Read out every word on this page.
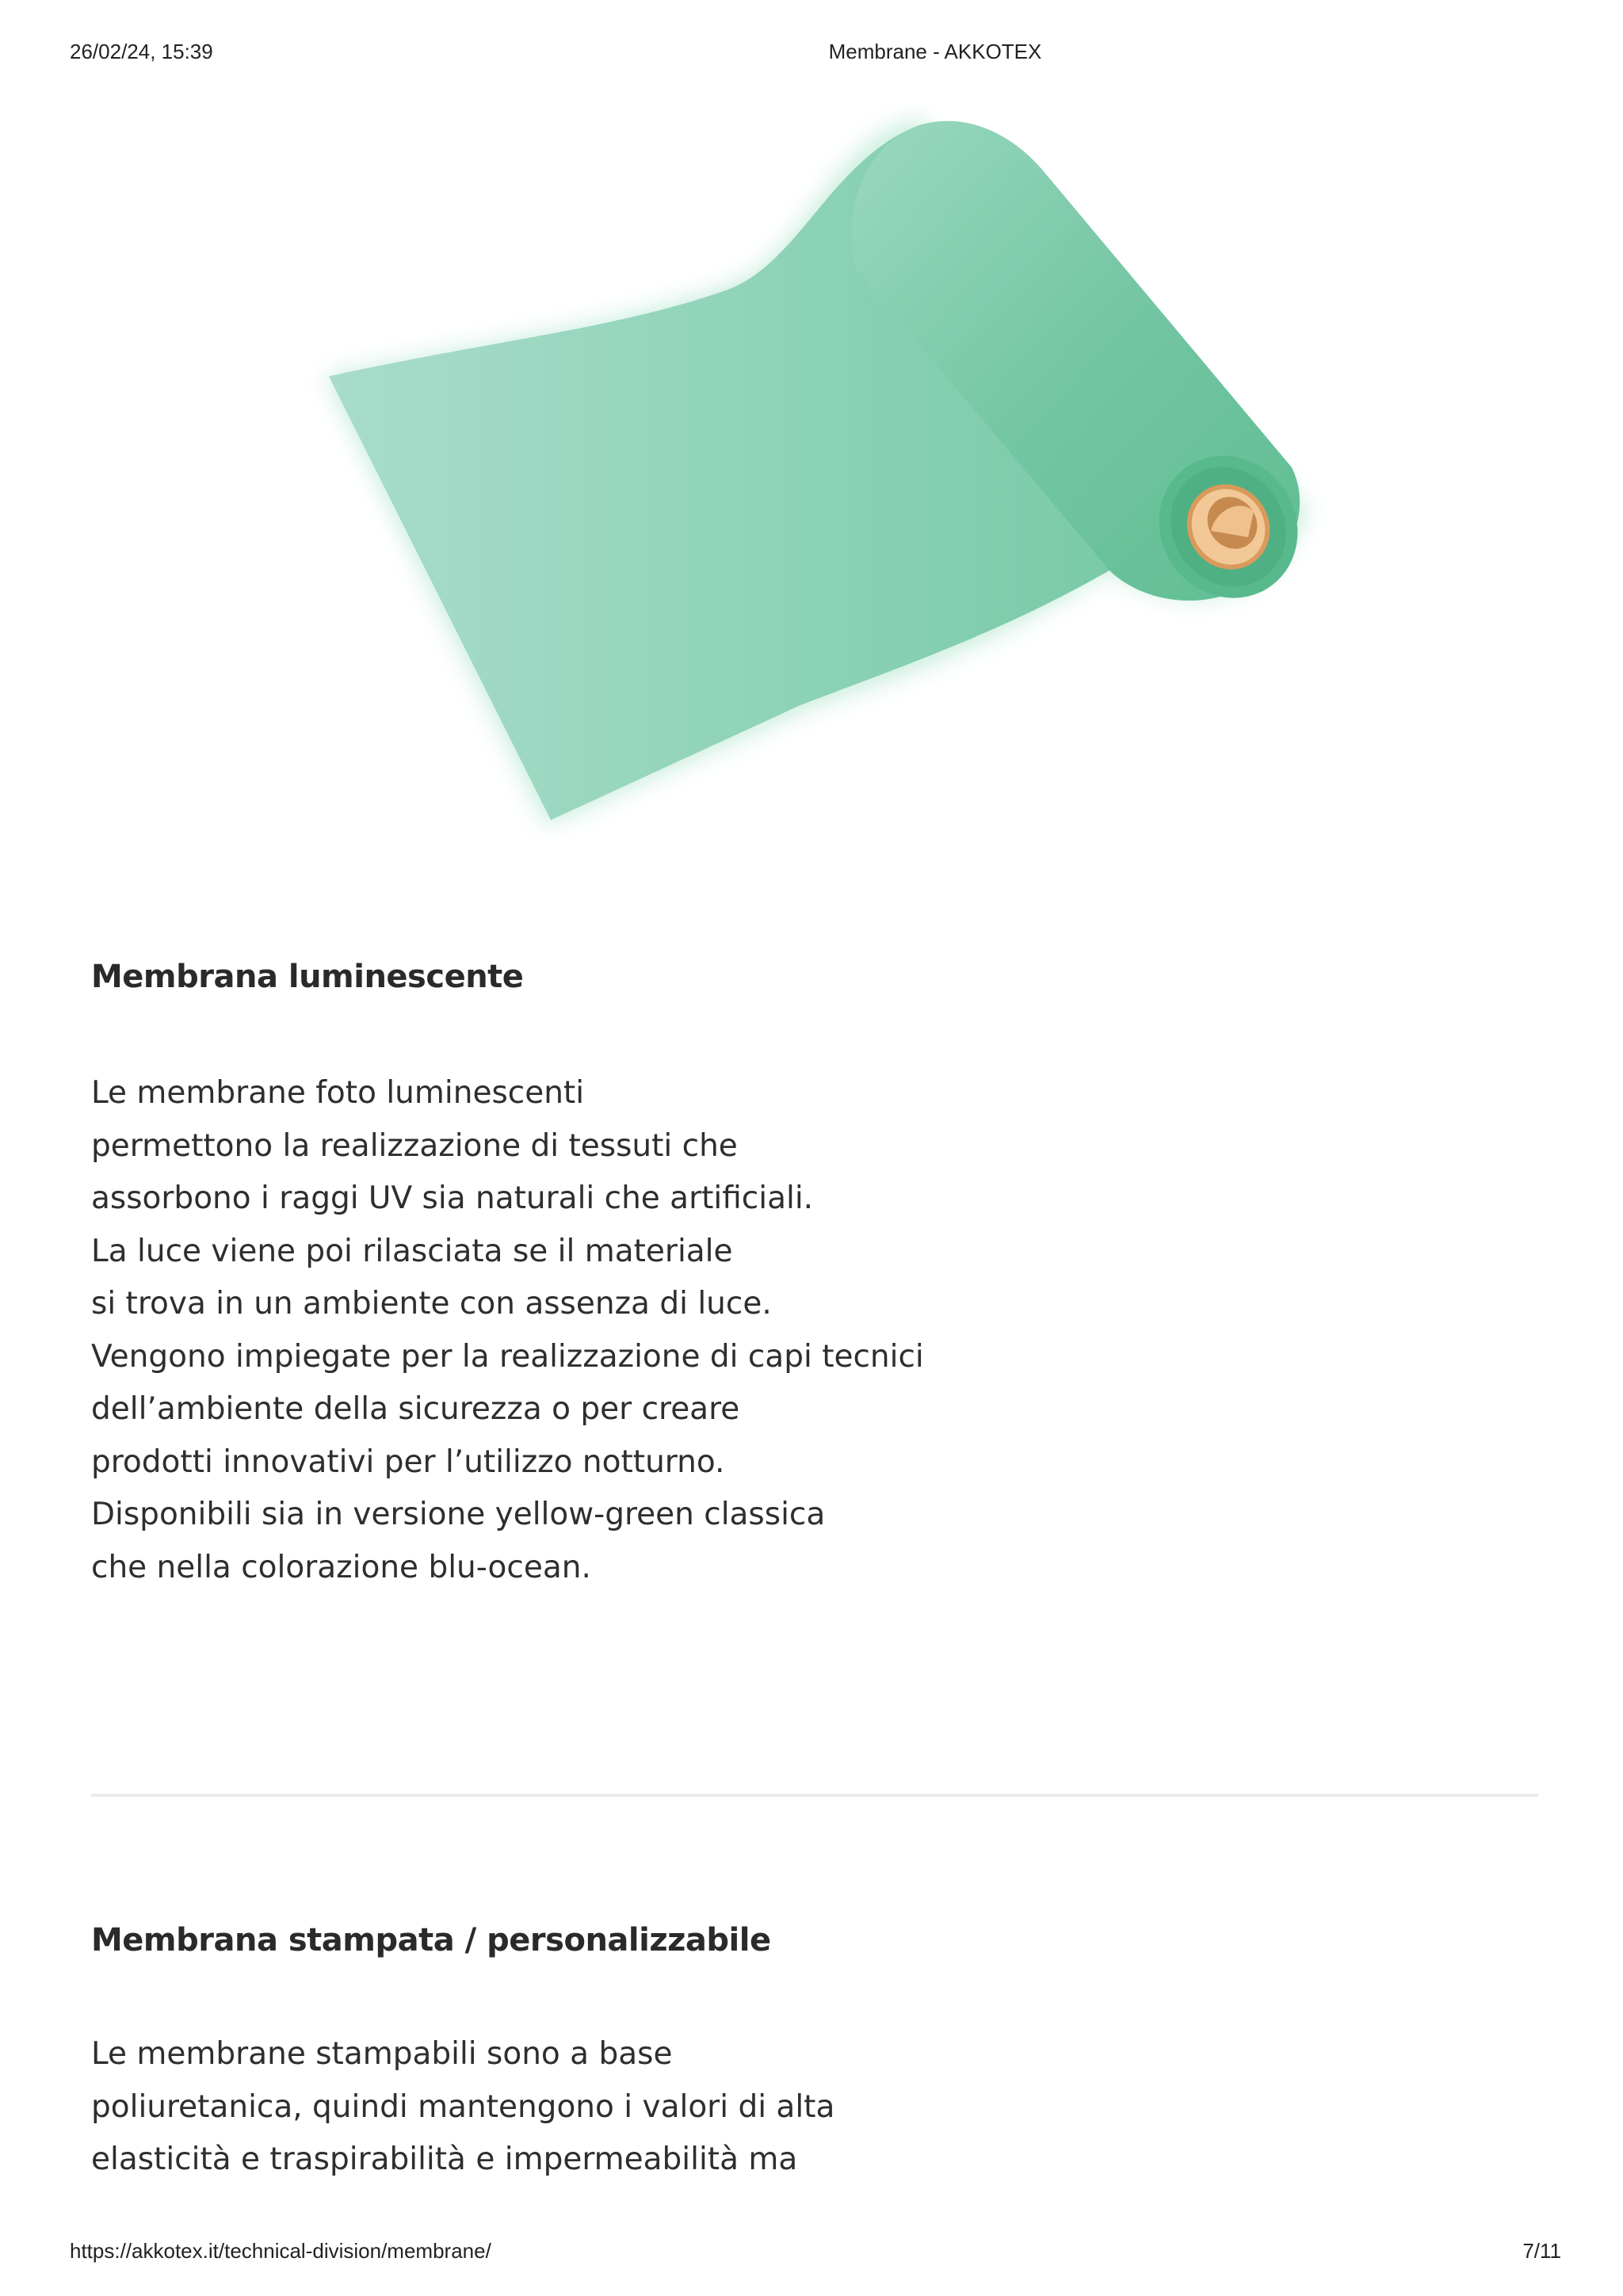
26/02/24, 15:39	Membrane - AKKOTEX
Membrana luminescente
Le membrane foto luminescenti
permettono la realizzazione di tessuti che
assorbono i raggi UV sia naturali che artificiali.
La luce viene poi rilasciata se il materiale
si trova in un ambiente con assenza di luce.
Vengono impiegate per la realizzazione di capi tecnici
dell’ambiente della sicurezza o per creare
prodotti innovativi per l’utilizzo notturno.
Disponibili sia in versione yellow-green classica
che nella colorazione blu-ocean.
Membrana stampata / personalizzabile
Le membrane stampabili sono a base
poliuretanica, quindi mantengono i valori di alta
elasticità e traspirabilità e impermeabilità ma
https://akkotex.it/technical-division/membrane/	7/11
